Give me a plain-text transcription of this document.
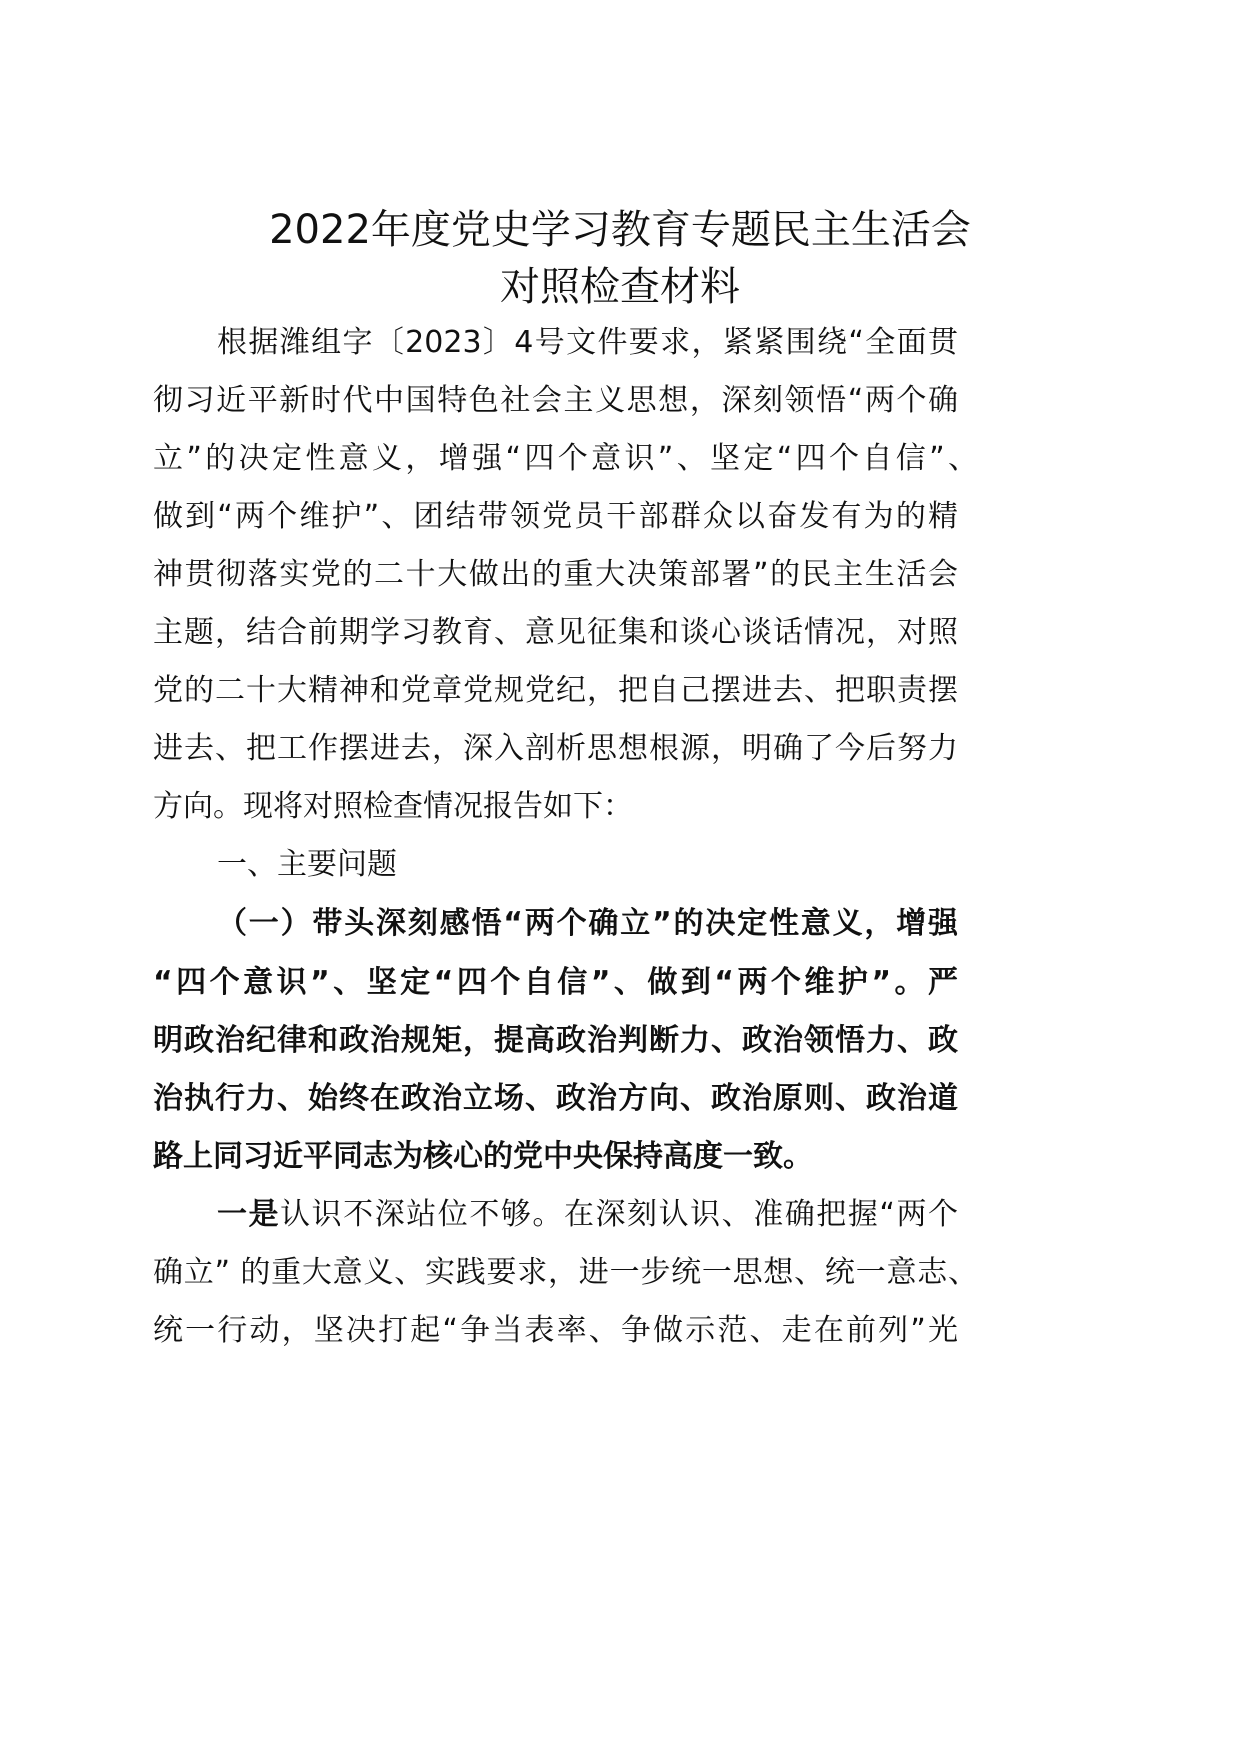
2022年度党史学习教育专题民主生活会
对照检查材料
根据潍组字〔2023〕4号文件要求，紧紧围绕“全面贯
彻习近平新时代中国特色社会主义思想，深刻领悟“两个确
立”的决定性意义，增强“四个意识”、坚定“四个自信”、
做到“两个维护”、团结带领党员干部群众以奋发有为的精
神贯彻落实党的二十大做出的重大决策部署”的民主生活会
主题，结合前期学习教育、意见征集和谈心谈话情况，对照
党的二十大精神和党章党规党纪，把自己摆进去、把职责摆
进去、把工作摆进去，深入剖析思想根源，明确了今后努力
方向。现将对照检查情况报告如下：
一、主要问题
（一）带头深刻感悟“两个确立”的决定性意义，增强
“四个意识”、坚定“四个自信”、做到“两个维护”。严
明政治纪律和政治规矩，提高政治判断力、政治领悟力、政
治执行力、始终在政治立场、政治方向、政治原则、政治道
路上同习近平同志为核心的党中央保持高度一致。
一是认识不深站位不够。在深刻认识、准确把握“两个
确立” 的重大意义、实践要求，进一步统一思想、统一意志、
统一行动，坚决打起“争当表率、争做示范、走在前列”光
